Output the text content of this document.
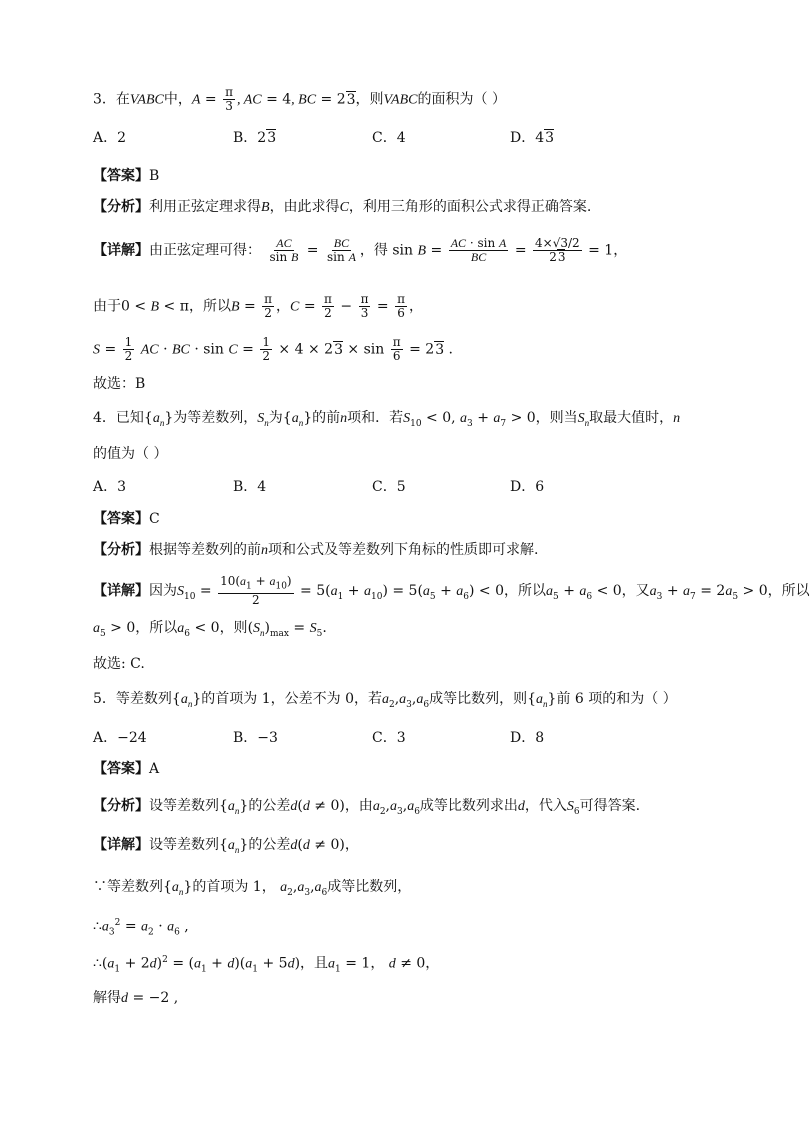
3．在VABC中，$A = \frac{\pi}{3}$ , AC = 4, BC = 23，则VABC的面积为（ ）
A．2	B．23	C．4	D．43
【答案】B
【分析】利用正弦定理求得B，由此求得C，利用三角形的面积公式求得正确答案.
【详解】由正弦定理可得： $\frac{AC}{\text{sin B}} = \frac{BC}{\text{sin A}}$ ，得 $\sin B = \frac{\text{AC · sin A}}{BC} = \frac{4\times√3/2}{23} = 1$，
由于0 < B < π，所以$B = \frac{\pi}{2}$ ，$C = \frac{\pi}{2} - \frac{\pi}{3} = \frac{\pi}{6}$ ，
$S = \frac{1}{2}$ AC · BC · $\sin C = \frac{1}{2} \times 4 \times 23 \times \sin \frac{\pi}{6} = 23$ .
故选：B
4．已知$\{a_n\}$为等差数列，$S_n$为$\{a_n\}$的前n项和．若$S_{10} < 0$, $a_3 + a_7 > 0$，则当$S_n$取最大值时，n
的值为（ ）
A．3	B．4	C．5	D．6
【答案】C
【分析】根据等差数列的前n项和公式及等差数列下角标的性质即可求解.
【详解】因为$S_{10} = \frac{10(a_1 + a_{10})}{2} = 5(a_1 + a_{10}) = 5(a_5 + a_6) < 0$，所以$a_5 + a_6 < 0$，又$a_3 + a_7 = 2a_5 > 0$，所以
$a_5 > 0$，所以$a_6 < 0$，则$(S_n)_{max} = S_5$.
故选: C.
5．等差数列$\{a_n\}$的首项为 1，公差不为 0，若$a_2,a_3,a_6$成等比数列，则$\{a_n\}$前 6 项的和为（ ）
A．−24	B．−3	C．3	D．8
【答案】A
【分析】设等差数列$\{a_n\}$的公差d(d ≠ 0)，由$a_2,a_3,a_6$成等比数列求出d，代入$S_6$可得答案.
【详解】设等差数列$\{a_n\}$的公差d(d ≠ 0)，
∵等差数列$\{a_n\}$的首项为 1， $a_2,a_3,a_6$成等比数列，
$\therefore a_3^2 = a_2 \cdot a_6$ ,
$\therefore(a_1 + 2d)^2 = (a_1 + d)(a_1 + 5d)$，且$a_1 = 1$， d ≠ 0，
解得d = −2 ,
